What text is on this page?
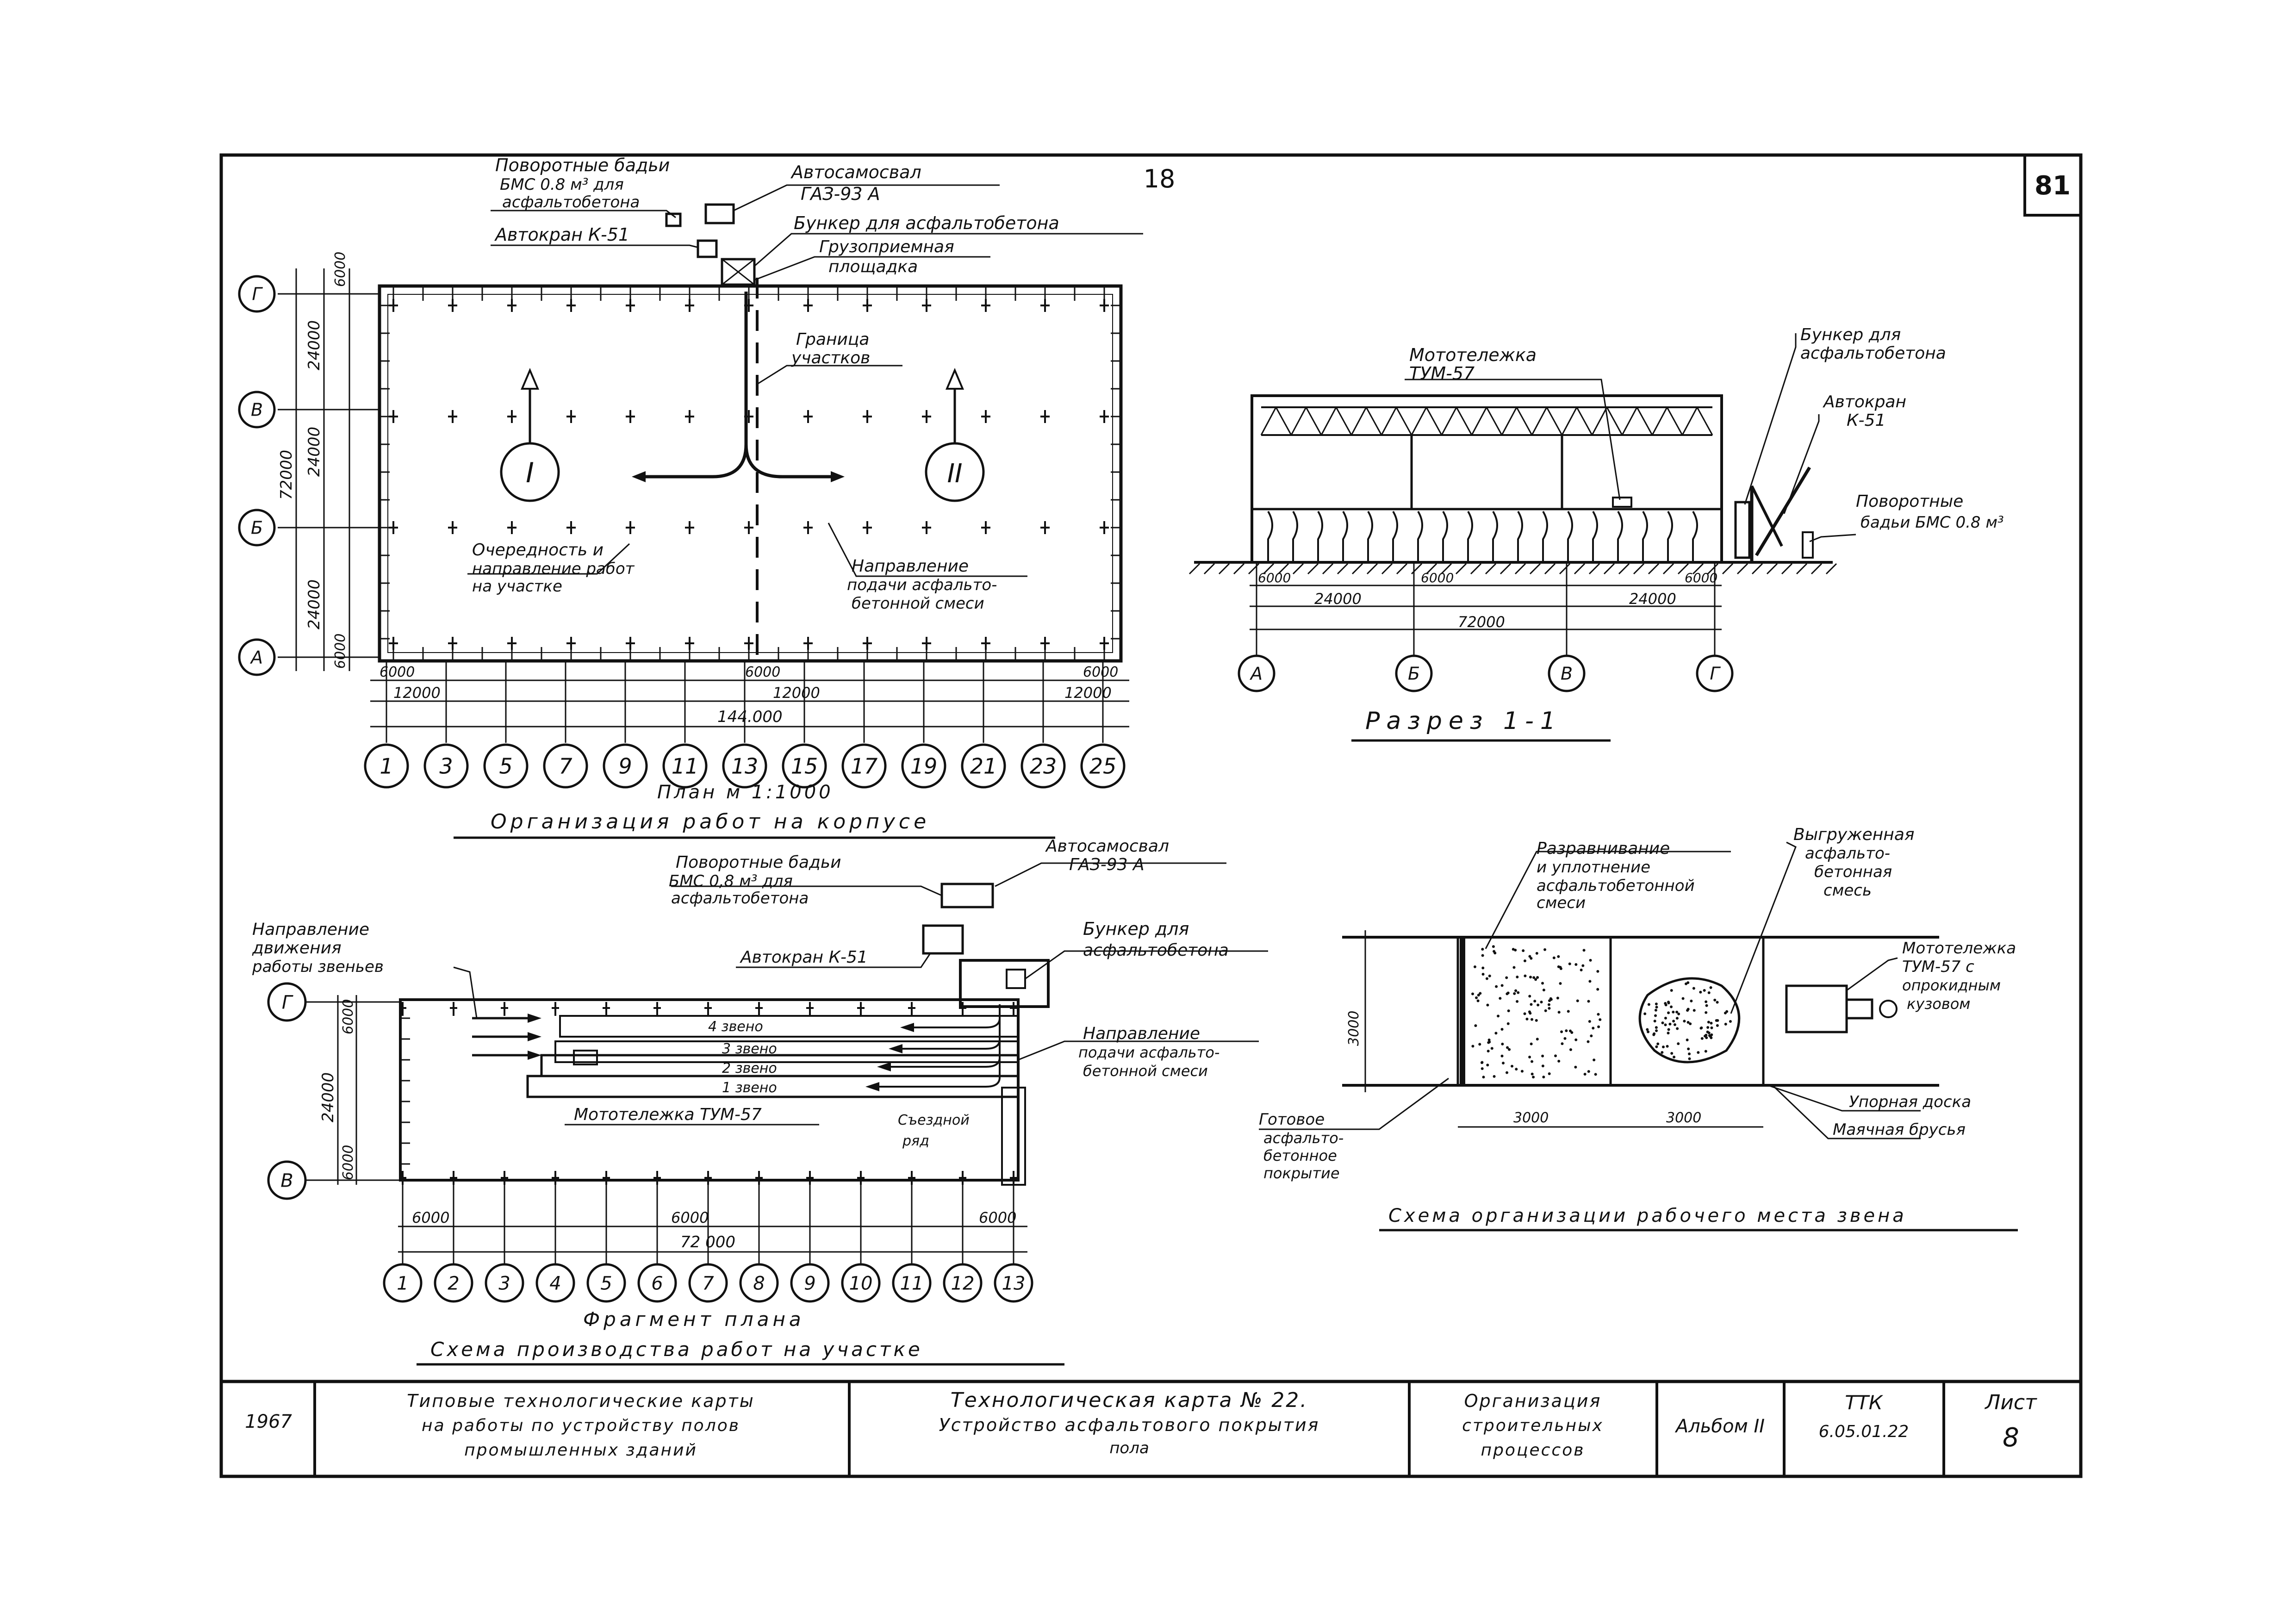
81
18
I	II
Поворотные бадьи
БМС 0.8 м³ для
асфальтобетона
Автосамосвал
ГАЗ-93 А
Автокран К-51
Бункер для асфальтобетона
Грузоприемная
площадка
Граница
участков
Очередность и
направление работ
на участке
Направление
подачи асфальто-
бетонной смеси
6000
24000
72000 24000
24000
6000
Г
В
Б
А
6000	6000	6000
12000	12000	12000
144.000
1 3 5 7 9 11 13 15 17 19 21 23 25
План м 1:1000
Организация работ на корпусе
Мототележка
ТУМ-57
Бункер для
асфальтобетона
Автокран
К-51
Поворотные
бадьи БМС 0.8 м³
6000	6000	6000
24000	24000
72000
А	Б	В	Г
Разрез 1-1
4 звено
3 звено
2 звено
1 звено
Поворотные бадьи
БМС 0,8 м³ для
асфальтобетона
Автосамосвал
ГАЗ-93 А
Направление
движения
работы звеньев	Автокран К-51
Бункер для
асфальтобетона
Направление
подачи асфальто-
бетонной смеси
Мототележка ТУМ-57	Съездной
ряд
6000
24000
6000
Г
В
6000	6000	6000
72 000
1 2 3 4 5 6 7 8 9 10 11 12 13
Фрагмент плана
Схема производства работ на участке
3000
3000	3000
Разравнивание
и уплотнение
асфальтобетонной
смеси
Выгруженная
асфальто-
бетонная
смесь
Мототележка
ТУМ-57 с
опрокидным
кузовом
Упорная доска
Маячная брусья
Готовое
асфальто-
бетонное
покрытие
Схема организации рабочего места звена
1967
Типовые технологические карты
на работы по устройству полов
промышленных зданий
Технологическая карта № 22.
Устройство асфальтового покрытия
пола
Организация
строительных
процессов
Альбом II
ТТК
6.05.01.22
Лист
8
